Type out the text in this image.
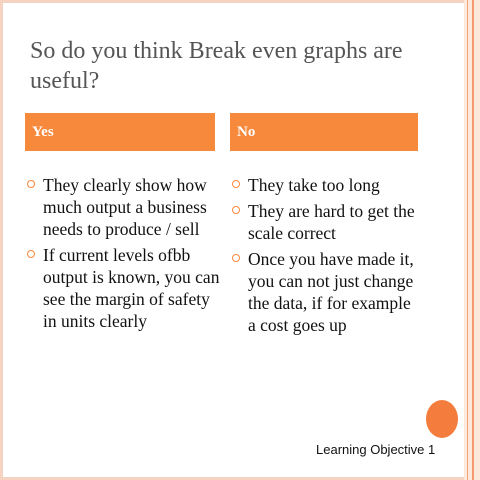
So do you think Break even graphs are useful?
Yes	No
They clearly show how much output a business needs to produce / sell
If current levels ofbb output is known, you can see the margin of safety in units clearly
They take too long
They are hard to get the scale correct
Once you have made it, you can not just change the data, if for example a cost goes up
Learning Objective 1
